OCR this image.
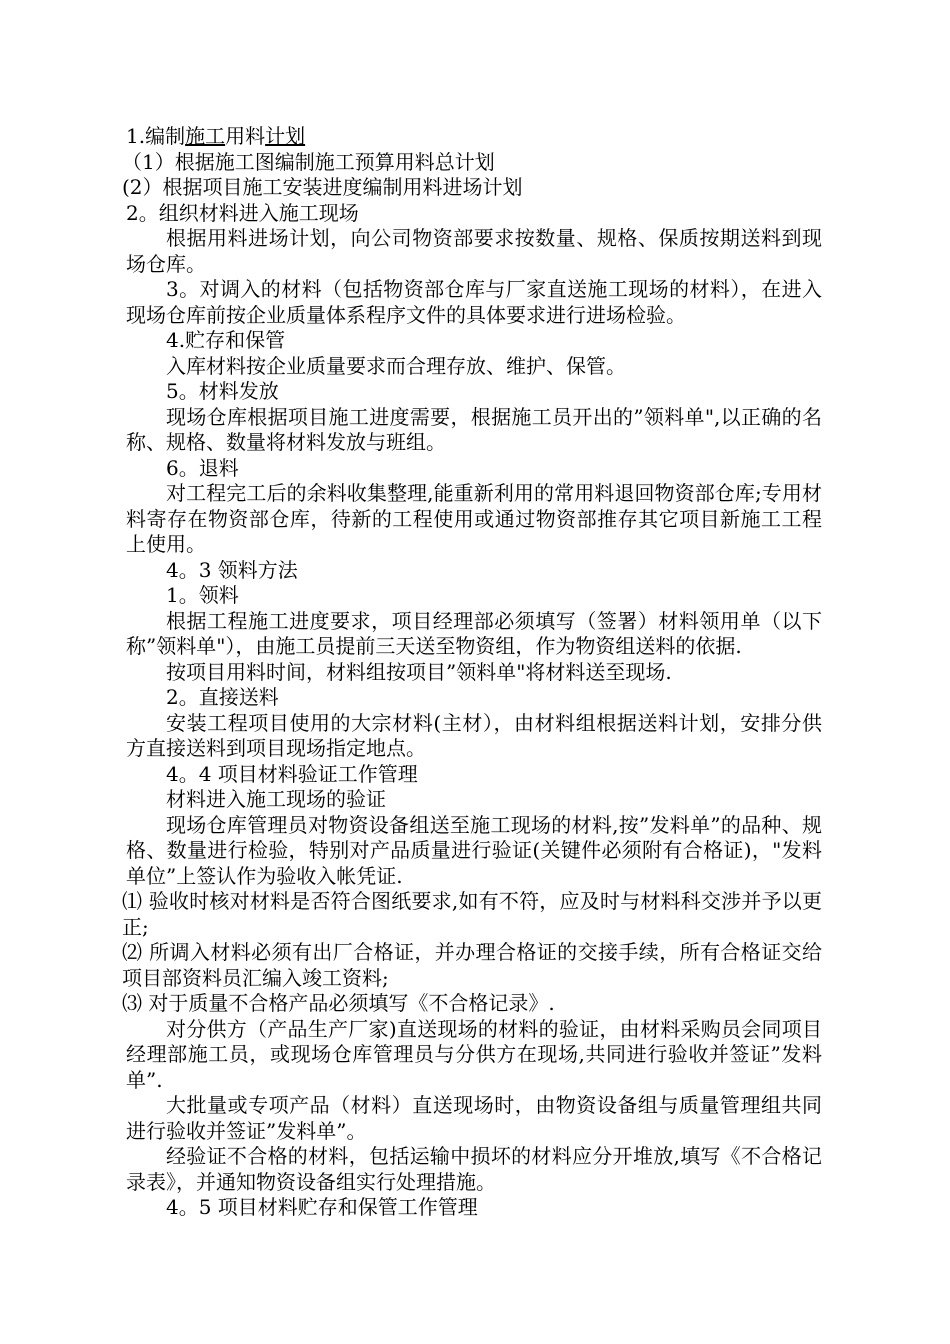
1.编制施工用料计划

（1）根据施工图编制施工预算用料总计划

(2）根据项目施工安装进度编制用料进场计划

2。组织材料进入施工现场

根据用料进场计划，向公司物资部要求按数量、规格、保质按期送料到现场仓库。

3。对调入的材料（包括物资部仓库与厂家直送施工现场的材料），在进入现场仓库前按企业质量体系程序文件的具体要求进行进场检验。

4.贮存和保管

入库材料按企业质量要求而合理存放、维护、保管。

5。材料发放

现场仓库根据项目施工进度需要，根据施工员开出的”领料单",以正确的名称、规格、数量将材料发放与班组。

6。退料

对工程完工后的余料收集整理,能重新利用的常用料退回物资部仓库;专用材料寄存在物资部仓库，待新的工程使用或通过物资部推存其它项目新施工工程上使用。

4。3 领料方法

1。领料

根据工程施工进度要求，项目经理部必须填写（签署）材料领用单（以下称”领料单"），由施工员提前三天送至物资组，作为物资组送料的依据.

按项目用料时间，材料组按项目”领料单"将材料送至现场.

2。直接送料

安装工程项目使用的大宗材料(主材），由材料组根据送料计划，安排分供方直接送料到项目现场指定地点。

4。4 项目材料验证工作管理

材料进入施工现场的验证

现场仓库管理员对物资设备组送至施工现场的材料,按”发料单”的品种、规格、数量进行检验，特别对产品质量进行验证(关键件必须附有合格证)，"发料单位”上签认作为验收入帐凭证.

⑴ 验收时核对材料是否符合图纸要求,如有不符，应及时与材料科交涉并予以更正;

⑵ 所调入材料必须有出厂合格证，并办理合格证的交接手续，所有合格证交给项目部资料员汇编入竣工资料;

⑶ 对于质量不合格产品必须填写《不合格记录》.

对分供方（产品生产厂家)直送现场的材料的验证，由材料采购员会同项目经理部施工员，或现场仓库管理员与分供方在现场,共同进行验收并签证”发料单”.

大批量或专项产品（材料）直送现场时，由物资设备组与质量管理组共同进行验收并签证”发料单”。

经验证不合格的材料，包括运输中损坏的材料应分开堆放,填写《不合格记录表》，并通知物资设备组实行处理措施。

4。5 项目材料贮存和保管工作管理
